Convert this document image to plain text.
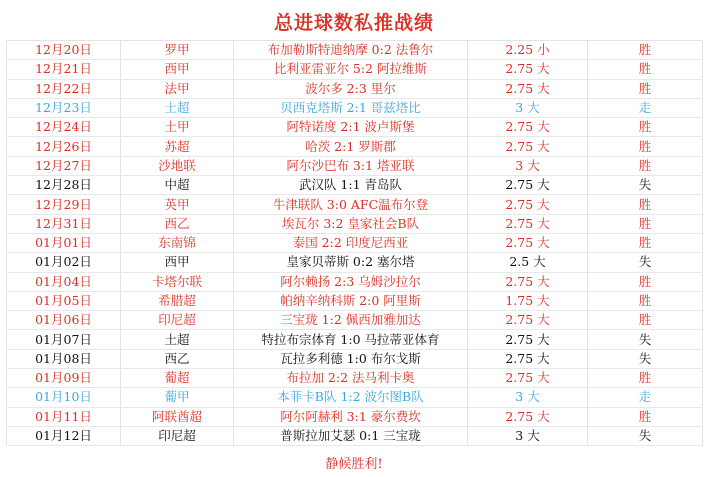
总进球数私推战绩
12月20日	罗甲	布加勒斯特迪纳摩 0:2 法鲁尔	2.25 小	胜
12月21日	西甲	比利亚雷亚尔 5:2 阿拉维斯	2.75 大	胜
12月22日	法甲	波尔多 2:3 里尔	2.75 大	胜
12月23日	土超	贝西克塔斯 2:1 哥兹塔比	3 大	走
12月24日	土甲	阿特诺度 2:1 波卢斯堡	2.75 大	胜
12月26日	苏超	哈茨 2:1 罗斯郡	2.75 大	胜
12月27日	沙地联	阿尔沙巴布 3:1 塔亚联	3 大	胜
12月28日	中超	武汉队 1:1 青岛队	2.75 大	失
12月29日	英甲	牛津联队 3:0 AFC温布尔登	2.75 大	胜
12月31日	西乙	埃瓦尔 3:2 皇家社会B队	2.75 大	胜
01月01日	东南锦	泰国 2:2 印度尼西亚	2.75 大	胜
01月02日	西甲	皇家贝蒂斯 0:2 塞尔塔	2.5 大	失
01月04日	卡塔尔联	阿尔赖扬 2:3 乌姆沙拉尔	2.75 大	胜
01月05日	希腊超	帕纳辛纳科斯 2:0 阿里斯	1.75 大	胜
01月06日	印尼超	三宝珑 1:2 佩西加雅加达	2.75 大	胜
01月07日	土超	特拉布宗体育 1:0 马拉蒂亚体育	2.75 大	失
01月08日	西乙	瓦拉多利德 1:0 布尔戈斯	2.75 大	失
01月09日	葡超	布拉加 2:2 法马利卡奥	2.75 大	胜
01月10日	葡甲	本菲卡B队 1:2 波尔图B队	3 大	走
01月11日	阿联酋超	阿尔阿赫利 3:1 豪尔费坎	2.75 大	胜
01月12日	印尼超	普斯拉加艾瑟 0:1 三宝珑	3 大	失
静候胜利!
